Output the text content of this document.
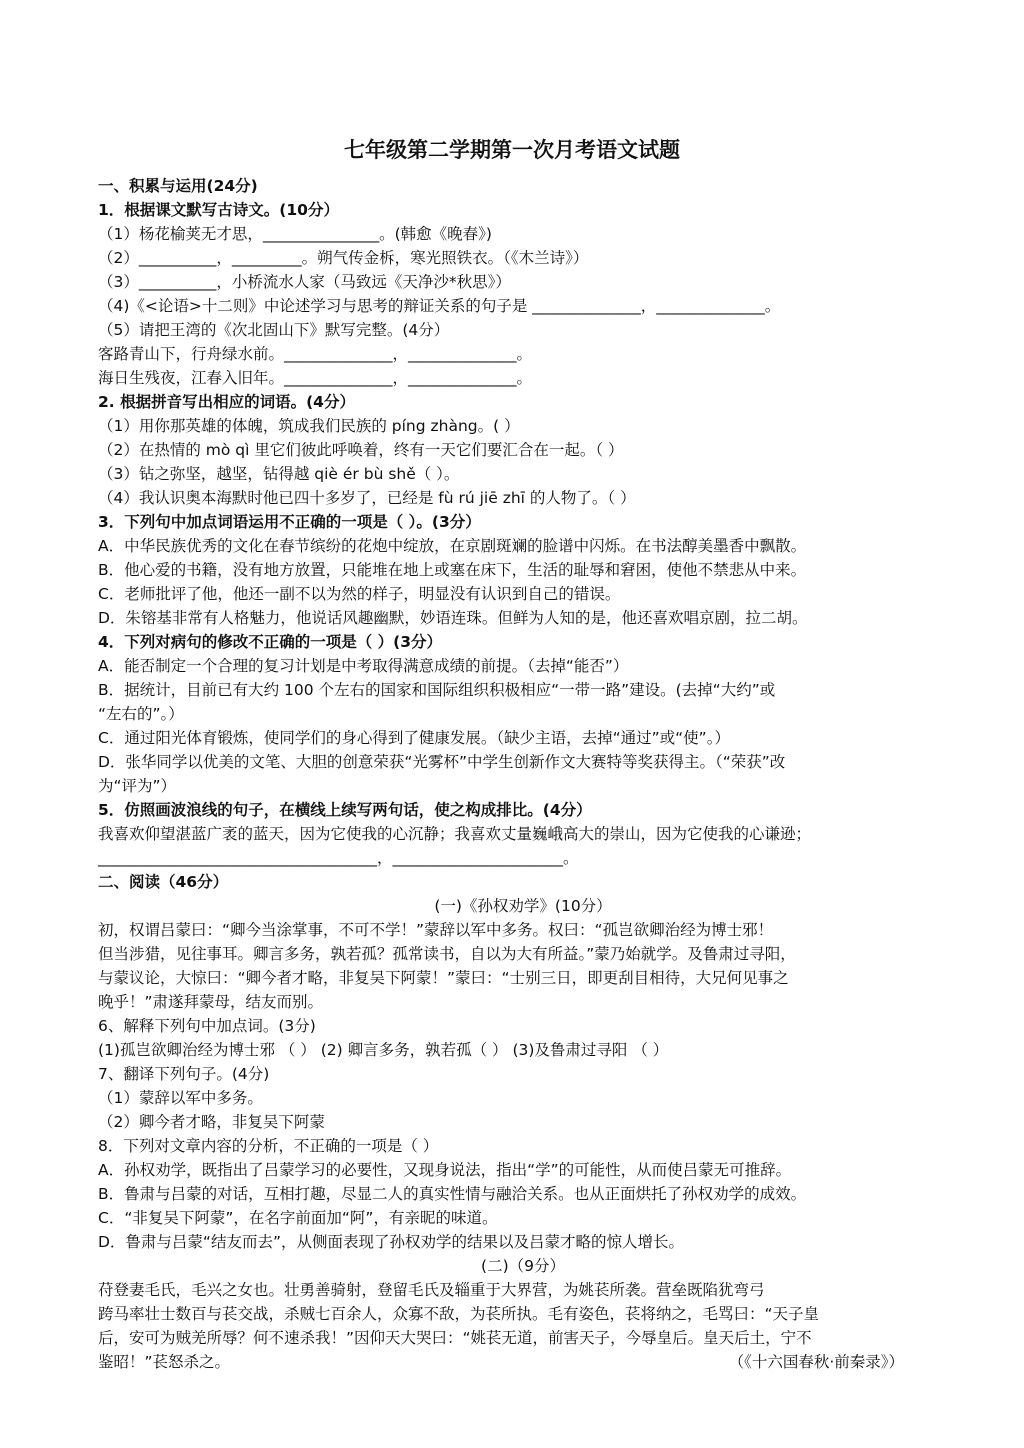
七年级第二学期第一次月考语文试题
一、积累与运用(24分)
1．根据课文默写古诗文。(10分）
（1）杨花榆荚无才思，_______________。(韩愈《晚春》)
（2）__________，_________。朔气传金柝，寒光照铁衣。（《木兰诗》）
（3）__________，小桥流水人家（马致远《天净沙*秋思》）
（4)《<论语>十二则》中论述学习与思考的辩证关系的句子是 ______________，______________。
（5）请把王湾的《次北固山下》默写完整。(4分）
客路青山下，行舟绿水前。______________，______________。
海日生残夜，江春入旧年。______________，______________。
2. 根据拼音写出相应的词语。(4分）
（1）用你那英雄的体魄，筑成我们民族的 píng zhàng。( ）
（2）在热情的 mò qì 里它们彼此呼唤着，终有一天它们要汇合在一起。（ ）
（3）钻之弥坚，越坚，钻得越 qiè ér bù shě（ ）。
（4）我认识奥本海默时他已四十多岁了，已经是 fù rú jiē zhī 的人物了。（ ）
3．下列句中加点词语运用不正确的一项是（ ）。(3分）
A．中华民族优秀的文化在春节缤纷的花炮中绽放，在京剧斑斓的脸谱中闪烁。在书法醇美墨香中飘散。
B．他心爱的书籍，没有地方放置，只能堆在地上或塞在床下，生活的耻辱和窘困，使他不禁悲从中来。
C．老师批评了他，他还一副不以为然的样子，明显没有认识到自己的错误。
D．朱镕基非常有人格魅力，他说话风趣幽默，妙语连珠。但鲜为人知的是，他还喜欢唱京剧，拉二胡。
4．下列对病句的修改不正确的一项是（ ）(3分）
A．能否制定一个合理的复习计划是中考取得满意成绩的前提。（去掉“能否”）
B．据统计，目前已有大约 100 个左右的国家和国际组织积极相应“一带一路”建设。(去掉“大约”或
“左右的”。）
C．通过阳光体育锻炼，使同学们的身心得到了健康发展。（缺少主语，去掉“通过”或“使”。）
D．张华同学以优美的文笔、大胆的创意荣获“光雾杯”中学生创新作文大赛特等奖获得主。（“荣获”改
为“评为”）
5．仿照画波浪线的句子，在横线上续写两句话，使之构成排比。(4分）
我喜欢仰望湛蓝广袤的蓝天，因为它使我的心沉静；我喜欢丈量巍峨高大的崇山，因为它使我的心谦逊；
____________________________________，______________________。
二、阅读（46分）
(一)《孙权劝学》(10分）
初，权谓吕蒙曰：“卿今当涂掌事，不可不学！”蒙辞以军中多务。权曰：“孤岂欲卿治经为博士邪！
但当涉猎，见往事耳。卿言多务，孰若孤？孤常读书，自以为大有所益。”蒙乃始就学。及鲁肃过寻阳，
与蒙议论，大惊曰：“卿今者才略，非复吴下阿蒙！”蒙曰：“士别三日，即更刮目相待，大兄何见事之
晚乎！”肃遂拜蒙母，结友而别。
6、解释下列句中加点词。(3分)
(1)孤岂欲卿治经为博士邪 （ ） (2) 卿言多务，孰若孤（ ） (3)及鲁肃过寻阳 （ ）
7、翻译下列句子。(4分)
（1）蒙辞以军中多务。
（2）卿今者才略，非复吴下阿蒙
8．下列对文章内容的分析，不正确的一项是（ ）
A．孙权劝学，既指出了吕蒙学习的必要性，又现身说法，指出“学”的可能性，从而使吕蒙无可推辞。
B．鲁肃与吕蒙的对话，互相打趣，尽显二人的真实性情与融洽关系。也从正面烘托了孙权劝学的成效。
C．“非复吴下阿蒙”，在名字前面加“阿”，有亲昵的味道。
D．鲁肃与吕蒙“结友而去”，从侧面表现了孙权劝学的结果以及吕蒙才略的惊人增长。
(二)（9分）
苻登妻毛氏，毛兴之女也。壮勇善骑射，登留毛氏及辎重于大界营，为姚苌所袭。营垒既陷犹弯弓
跨马率壮士数百与苌交战，杀贼七百余人，众寡不敌，为苌所执。毛有姿色，苌将纳之，毛骂曰：“天子皇
后，安可为贼羌所辱？何不速杀我！”因仰天大哭曰：“姚苌无道，前害天子，今辱皇后。皇天后土，宁不
鉴昭！”苌怒杀之。	（《十六国春秋·前秦录》）
